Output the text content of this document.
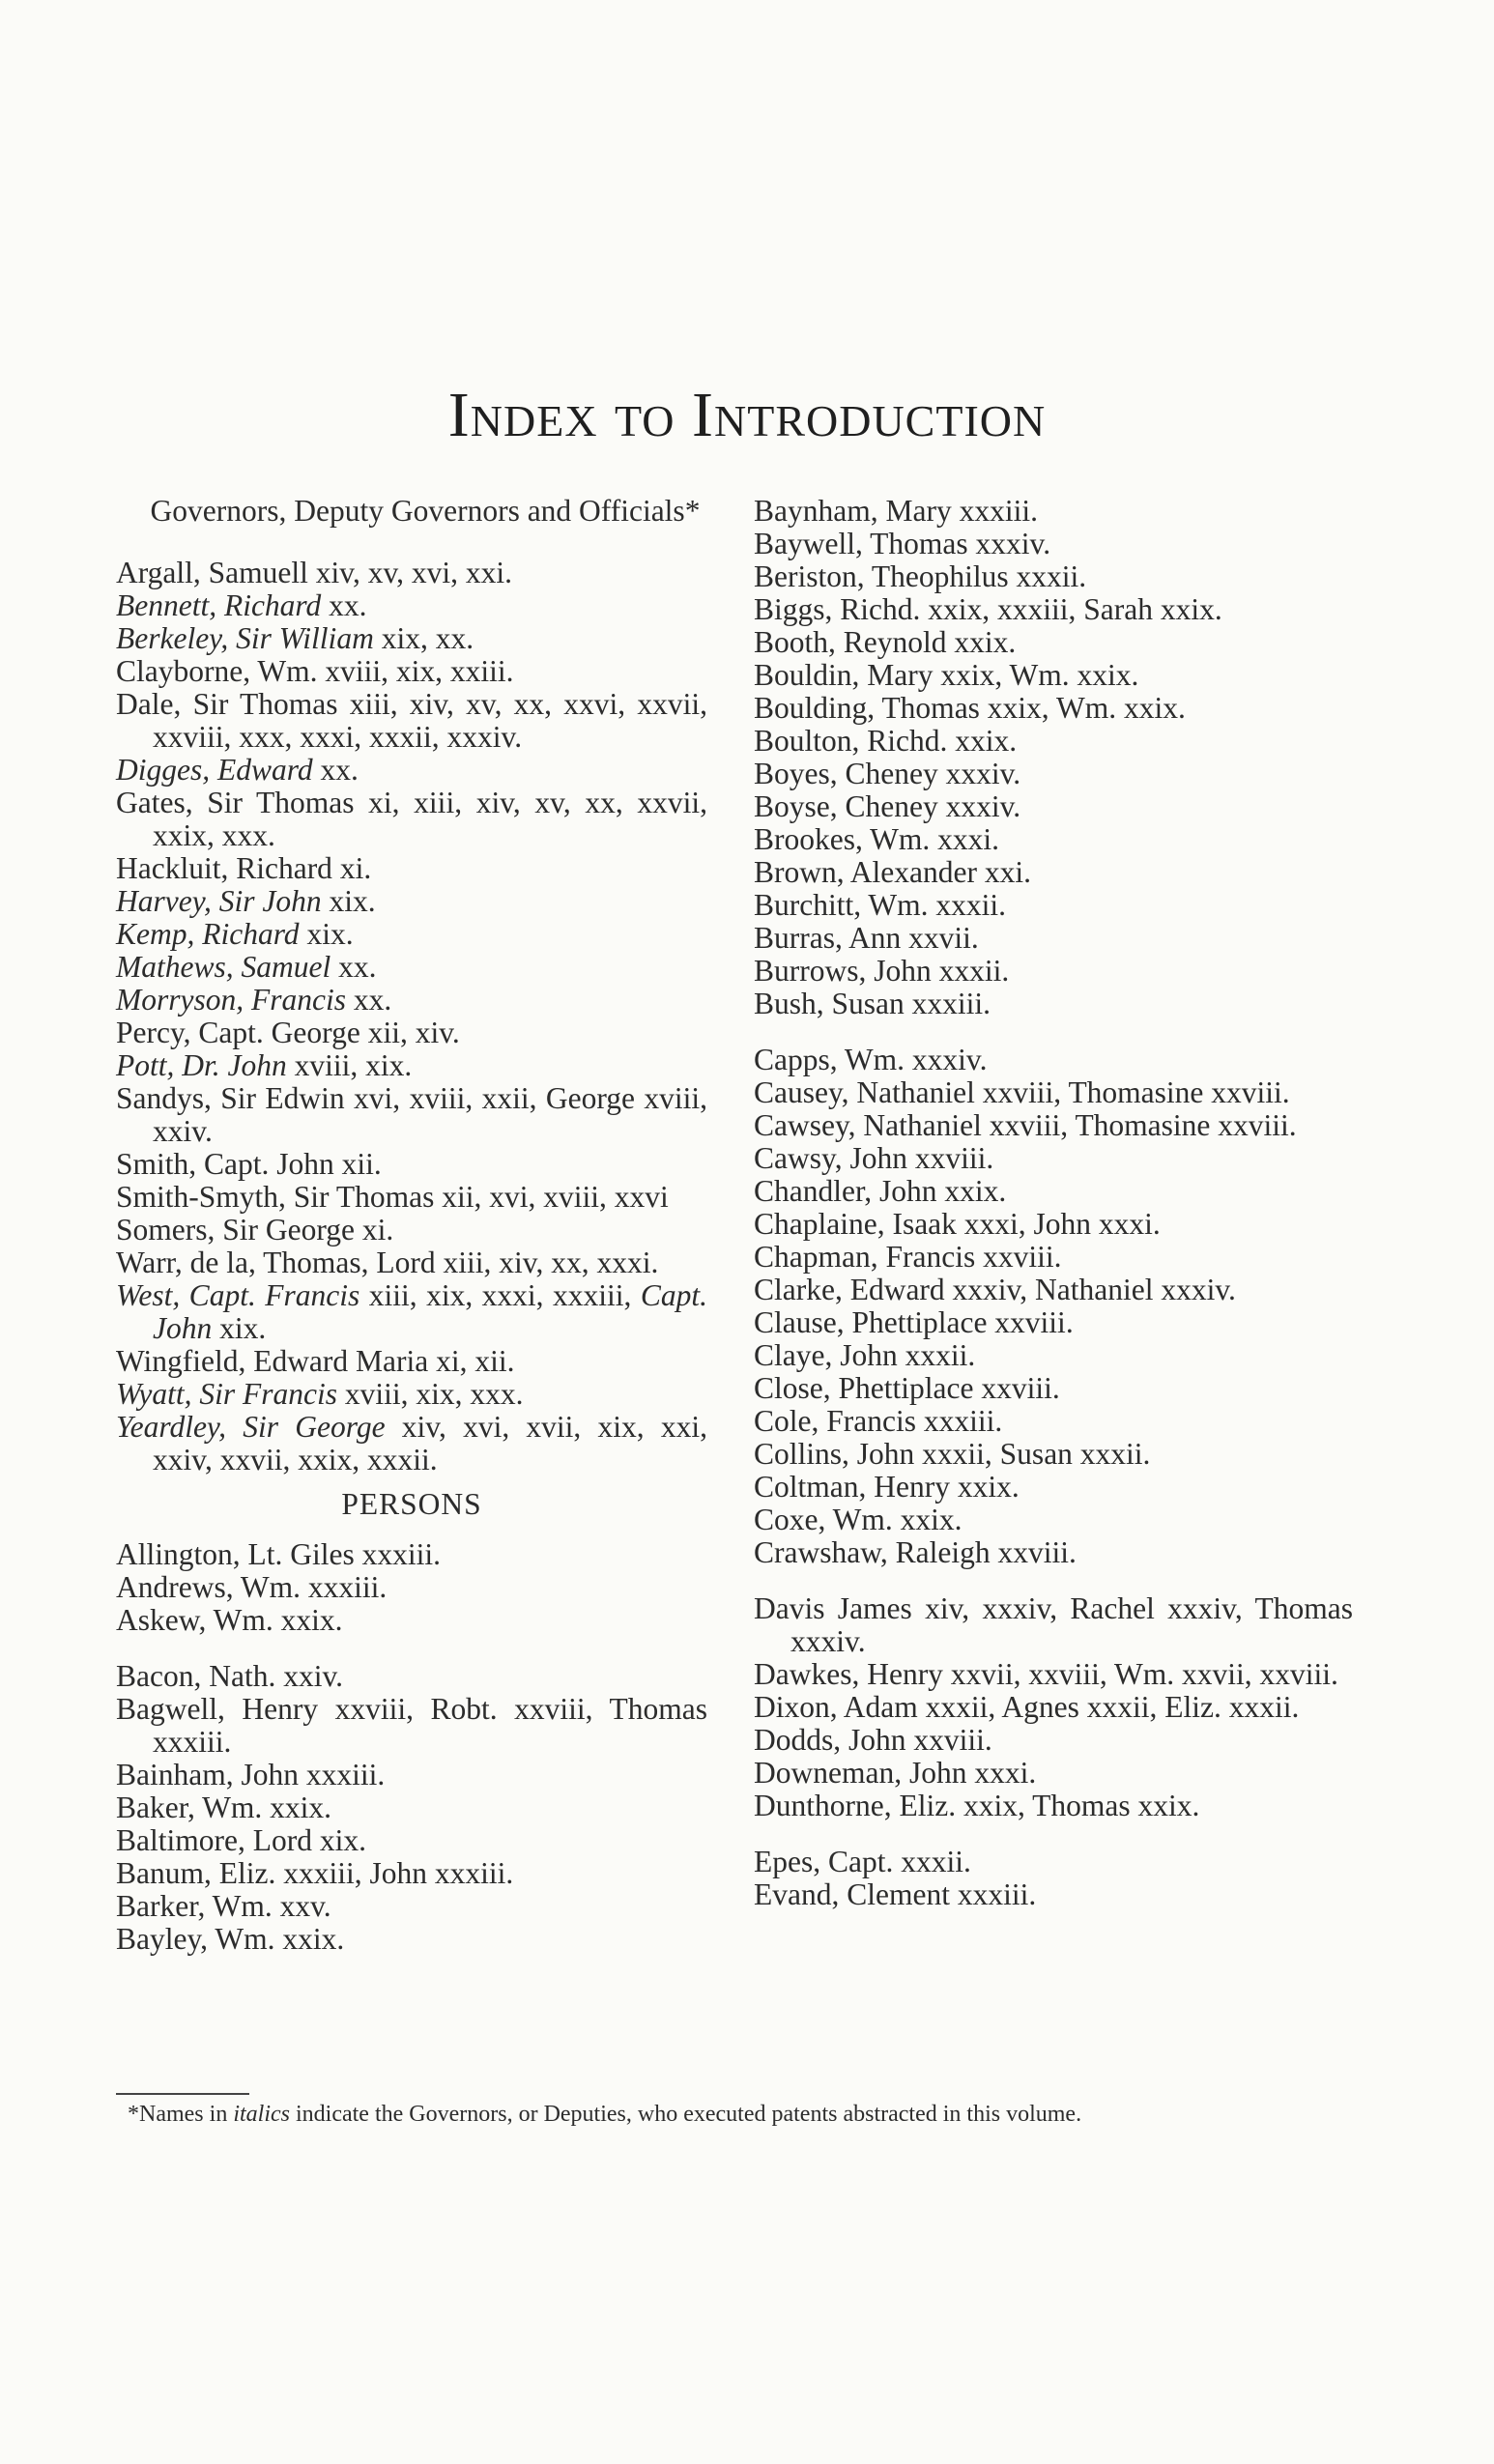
Index to Introduction
Governors, Deputy Governors and Officials*
Argall, Samuell xiv, xv, xvi, xxi.
Bennett, Richard xx.
Berkeley, Sir William xix, xx.
Clayborne, Wm. xviii, xix, xxiii.
Dale, Sir Thomas xiii, xiv, xv, xx, xxvi, xxvii, xxviii, xxx, xxxi, xxxii, xxxiv.
Digges, Edward xx.
Gates, Sir Thomas xi, xiii, xiv, xv, xx, xxvii, xxix, xxx.
Hackluit, Richard xi.
Harvey, Sir John xix.
Kemp, Richard xix.
Mathews, Samuel xx.
Morryson, Francis xx.
Percy, Capt. George xii, xiv.
Pott, Dr. John xviii, xix.
Sandys, Sir Edwin xvi, xviii, xxii, George xviii, xxiv.
Smith, Capt. John xii.
Smith-Smyth, Sir Thomas xii, xvi, xviii, xxvi
Somers, Sir George xi.
Warr, de la, Thomas, Lord xiii, xiv, xx, xxxi.
West, Capt. Francis xiii, xix, xxxi, xxxiii, Capt. John xix.
Wingfield, Edward Maria xi, xii.
Wyatt, Sir Francis xviii, xix, xxx.
Yeardley, Sir George xiv, xvi, xvii, xix, xxi, xxiv, xxvii, xxix, xxxii.
PERSONS
Allington, Lt. Giles xxxiii.
Andrews, Wm. xxxiii.
Askew, Wm. xxix.
Bacon, Nath. xxiv.
Bagwell, Henry xxviii, Robt. xxviii, Thomas xxxiii.
Bainham, John xxxiii.
Baker, Wm. xxix.
Baltimore, Lord xix.
Banum, Eliz. xxxiii, John xxxiii.
Barker, Wm. xxv.
Bayley, Wm. xxix.
Baynham, Mary xxxiii.
Baywell, Thomas xxxiv.
Beriston, Theophilus xxxii.
Biggs, Richd. xxix, xxxiii, Sarah xxix.
Booth, Reynold xxix.
Bouldin, Mary xxix, Wm. xxix.
Boulding, Thomas xxix, Wm. xxix.
Boulton, Richd. xxix.
Boyes, Cheney xxxiv.
Boyse, Cheney xxxiv.
Brookes, Wm. xxxi.
Brown, Alexander xxi.
Burchitt, Wm. xxxii.
Burras, Ann xxvii.
Burrows, John xxxii.
Bush, Susan xxxiii.
Capps, Wm. xxxiv.
Causey, Nathaniel xxviii, Thomasine xxviii.
Cawsey, Nathaniel xxviii, Thomasine xxviii.
Cawsy, John xxviii.
Chandler, John xxix.
Chaplaine, Isaak xxxi, John xxxi.
Chapman, Francis xxviii.
Clarke, Edward xxxiv, Nathaniel xxxiv.
Clause, Phettiplace xxviii.
Claye, John xxxii.
Close, Phettiplace xxviii.
Cole, Francis xxxiii.
Collins, John xxxii, Susan xxxii.
Coltman, Henry xxix.
Coxe, Wm. xxix.
Crawshaw, Raleigh xxviii.
Davis James xiv, xxxiv, Rachel xxxiv, Thomas xxxiv.
Dawkes, Henry xxvii, xxviii, Wm. xxvii, xxviii.
Dixon, Adam xxxii, Agnes xxxii, Eliz. xxxii.
Dodds, John xxviii.
Downeman, John xxxi.
Dunthorne, Eliz. xxix, Thomas xxix.
Epes, Capt. xxxii.
Evand, Clement xxxiii.
*Names in italics indicate the Governors, or Deputies, who executed patents abstracted in this volume.
